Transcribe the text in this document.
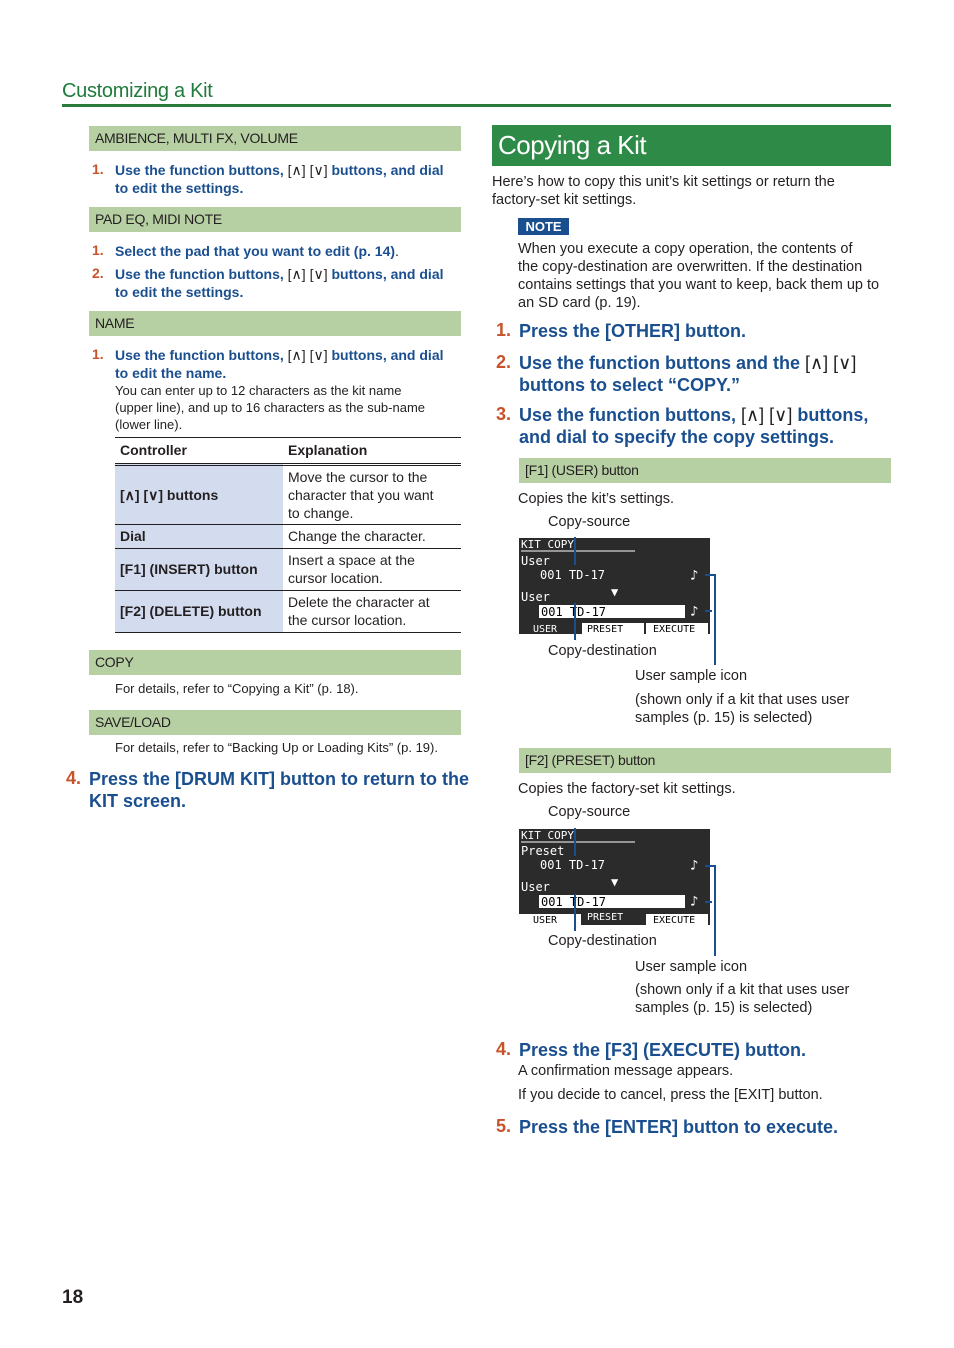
Customizing a Kit
AMBIENCE, MULTI FX, VOLUME
1. Use the function buttons, [∧] [∨] buttons, and dial
to edit the settings.
PAD EQ, MIDI NOTE
1. Select the pad that you want to edit (p. 14).
2. Use the function buttons, [∧] [∨] buttons, and dial
to edit the settings.
NAME
1. Use the function buttons, [∧] [∨] buttons, and dial
to edit the name.
You can enter up to 12 characters as the kit name
(upper line), and up to 16 characters as the sub-name
(lower line).
Controller	Explanation
[∧] [∨] buttons	Move the cursor to the
character that you want
to change.

Dial	Change the character.
[F1] (INSERT) button	Insert a space at the
cursor location.

[F2] (DELETE) button	Delete the character at
the cursor location.
COPY
For details, refer to “Copying a Kit” (p. 18).
SAVE/LOAD
For details, refer to “Backing Up or Loading Kits” (p. 19).
4. Press the [DRUM KIT] button to return to the
KIT screen.
Copying a Kit
Here’s how to copy this unit’s kit settings or return the
factory-set kit settings.
NOTE
When you execute a copy operation, the contents of
the copy-destination are overwritten. If the destination
contains settings that you want to keep, back them up to
an SD card (p. 19).
1. Press the [OTHER] button.
2. Use the function buttons and the [∧] [∨]
buttons to select “COPY.”
3. Use the function buttons, [∧] [∨] buttons,
and dial to specify the copy settings.
[F1] (USER) button
Copies the kit’s settings.
Copy-source
KIT COPY
User
001 TD-17	♪
▼
User
001 TD-17	♪
USER	PRESET	EXECUTE
Copy-destination
User sample icon
(shown only if a kit that uses user
samples (p. 15) is selected)
[F2] (PRESET) button
Copies the factory-set kit settings.
Copy-source
KIT COPY
Preset
001 TD-17	♪
▼
User
001 TD-17	♪
USER	PRESET	EXECUTE
Copy-destination
User sample icon
(shown only if a kit that uses user
samples (p. 15) is selected)
4. Press the [F3] (EXECUTE) button.
A confirmation message appears.
If you decide to cancel, press the [EXIT] button.
5. Press the [ENTER] button to execute.
18
